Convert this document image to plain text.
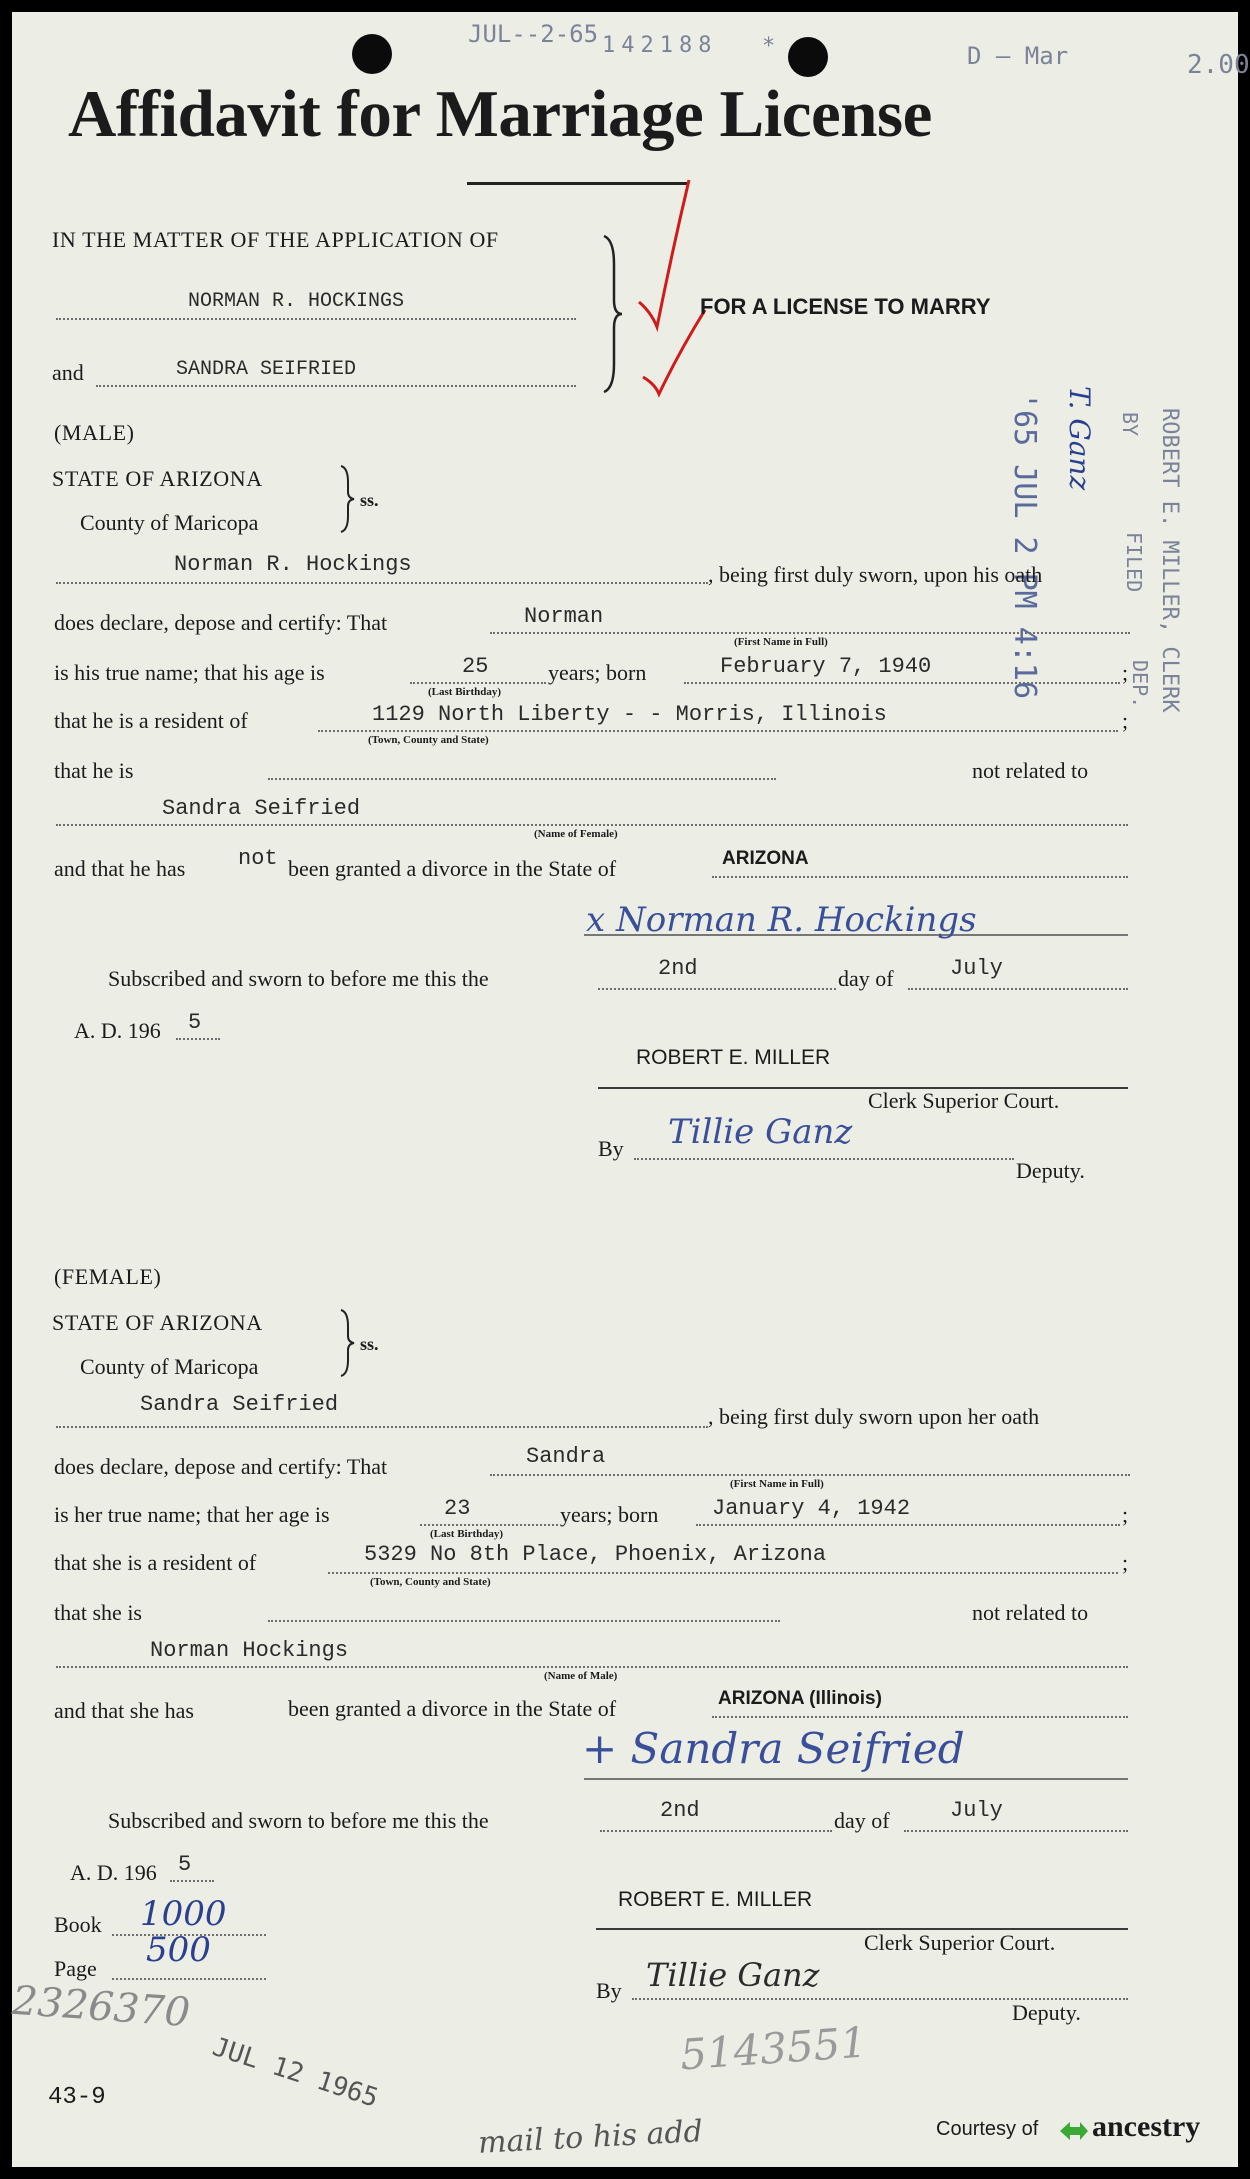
JUL--2-65 142188 *	D — Mar	2.00
Affidavit for Marriage License
IN THE MATTER OF THE APPLICATION OF
NORMAN R. HOCKINGS
and	SANDRA SEIFRIED
FOR A LICENSE TO MARRY
'65 JUL 2 PM 4:16	ROBERT E. MILLER, CLERK
BY
FILED
DEP.
T. Ganz
(MALE)
STATE OF ARIZONA
County of Maricopa
ss.
Norman R. Hockings	, being first duly sworn, upon his oath
does declare, depose and certify: That	Norman
(First Name in Full)
is his true name; that his age is	25
(Last Birthday)
years; born	February 7, 1940	;
that he is a resident of	1129 North Liberty - - Morris, Illinois
(Town, County and State)
;
that he is	not related to
Sandra Seifried
(Name of Female)
and that he has not been granted a divorce in the State of	ARIZONA
x Norman R. Hockings
Subscribed and sworn to before me this the	2nd	day of	July
A. D. 196 5
ROBERT E. MILLER
Clerk Superior Court.
By Tillie Ganz
Deputy.
(FEMALE)
STATE OF ARIZONA
County of Maricopa
ss.
Sandra Seifried	, being first duly sworn upon her oath
does declare, depose and certify: That	Sandra
(First Name in Full)
is her true name; that her age is	23
(Last Birthday)
years; born January 4, 1942	;
that she is a resident of	5329 No 8th Place, Phoenix, Arizona
(Town, County and State)
;
that she is	not related to
Norman Hockings
(Name of Male)
and that she has	been granted a divorce in the State of	ARIZONA (Illinois)
+ Sandra Seifried
Subscribed and sworn to before me this the	2nd	day of	July
A. D. 196 5
Book 1000
Page 500
ROBERT E. MILLER
Clerk Superior Court.
By Tillie Ganz
Deputy.
2326370
JUL 12 1965	5143551
43-9
mail to his add	Courtesy of ancestry
